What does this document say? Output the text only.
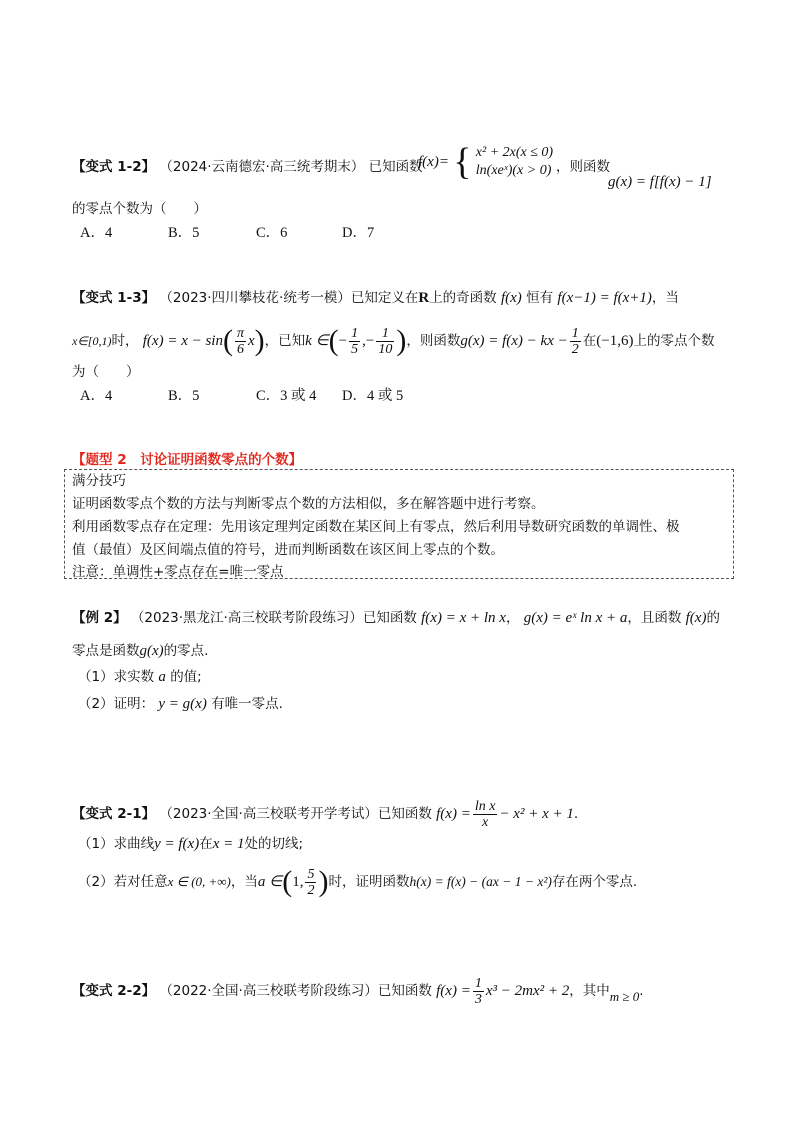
【变式 1-2】 （2024·云南德宏·高三统考期末） 已知函数
f(x)= { x² + 2x(x ≤ 0)
ln(xeˣ)(x > 0) ，则函数
g(x) = f[f(x) − 1]
的零点个数为（　　）
A．4	B．5	C．6	D．7
【变式 1-3】 （2023·四川攀枝花·统考一模）已知定义在R上的奇函数 f(x) 恒有 f(x−1) = f(x+1)，当
x∈[0,1)时， $f(x) = x - \sin( \frac{\pi}{6} x)$，已知k ∈(− $\frac{1}{5}$ ,− $\frac{1}{10}$ )，则函数g(x) = f(x) − kx − $\frac{1}{2}$ 在(−1,6)上的零点个数
为（　　）
A．4	B．5	C．3 或 4 D．4 或 5
【题型 2　讨论证明函数零点的个数】
满分技巧
证明函数零点个数的方法与判断零点个数的方法相似，多在解答题中进行考察。
利用函数零点存在定理：先用该定理判定函数在某区间上有零点，然后利用导数研究函数的单调性、极
值（最值）及区间端点值的符号，进而判断函数在该区间上零点的个数。
注意：单调性+零点存在=唯一零点
【例 2】 （2023·黑龙江·高三校联考阶段练习）已知函数 f(x) = x + ln x， g(x) = eˣ ln x + a，且函数 f(x)的
零点是函数g(x)的零点.
（1）求实数 a 的值;
（2）证明： y = g(x) 有唯一零点.
【变式 2-1】 （2023·全国·高三校联考开学考试）已知函数 $f(x) = \frac{\text{ln x}}{x} - x^2 + x + 1$.
（1）求曲线y = f(x)在x = 1处的切线;
（2）若对任意x ∈ (0, +∞)，当a ∈(1, $\frac{5}{2}$ )时，证明函数h(x) = f(x) − (ax − 1 − x²)存在两个零点.
【变式 2-2】 （2022·全国·高三校联考阶段练习）已知函数 $f(x) = \frac{1}{3} x^3 - 2mx^2 + 2$，其中m ≥ 0.
